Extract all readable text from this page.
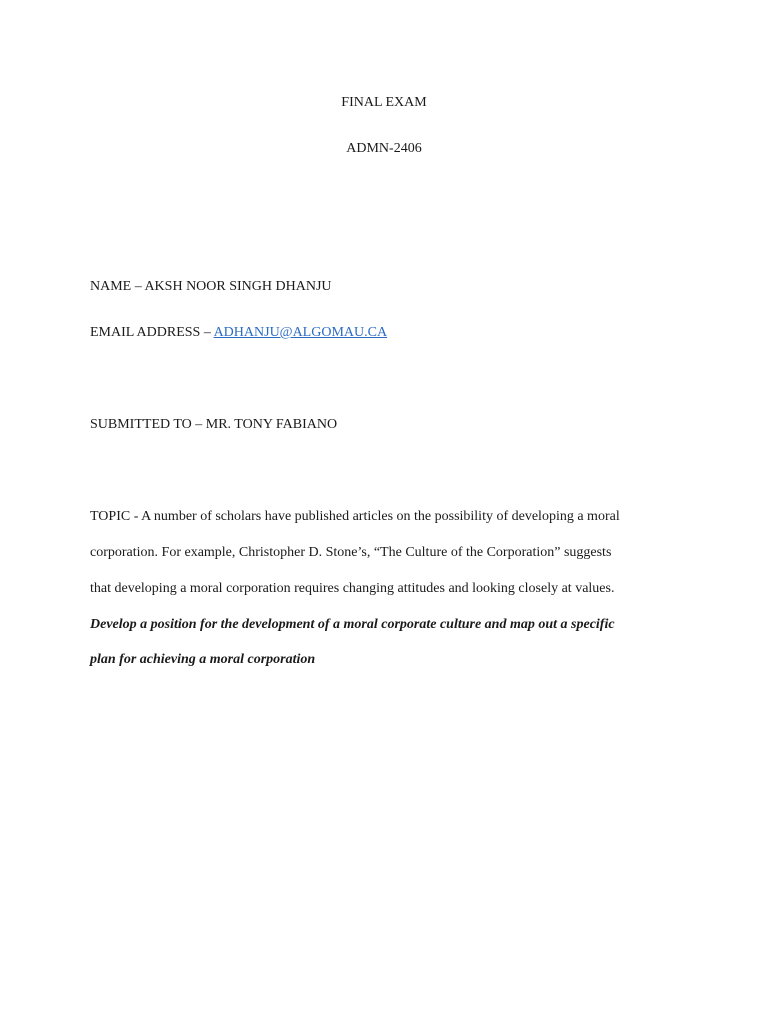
FINAL EXAM
ADMN-2406
NAME – AKSH NOOR SINGH DHANJU
EMAIL ADDRESS – ADHANJU@ALGOMAU.CA
SUBMITTED TO – MR. TONY FABIANO
TOPIC - A number of scholars have published articles on the possibility of developing a moral
corporation. For example, Christopher D. Stone’s, “The Culture of the Corporation” suggests
that developing a moral corporation requires changing attitudes and looking closely at values.
Develop a position for the development of a moral corporate culture and map out a specific
plan for achieving a moral corporation
